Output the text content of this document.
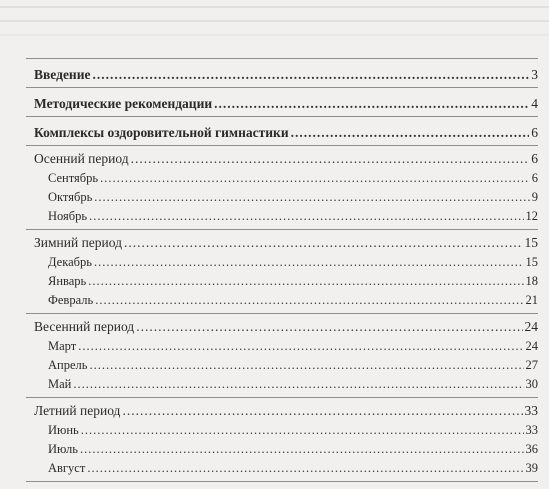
Введение .....	3
Методические рекомендации .....	4
Комплексы оздоровительной гимнастики .....	6
Осенний период .....	6
Сентябрь .....	6
Октябрь .....	9
Ноябрь .....	12
Зимний период .....	15
Декабрь .....	15
Январь .....	18
Февраль .....	21
Весенний период .....	24
Март .....	24
Апрель .....	27
Май .....	30
Летний период .....	33
Июнь .....	33
Июль .....	36
Август .....	39
